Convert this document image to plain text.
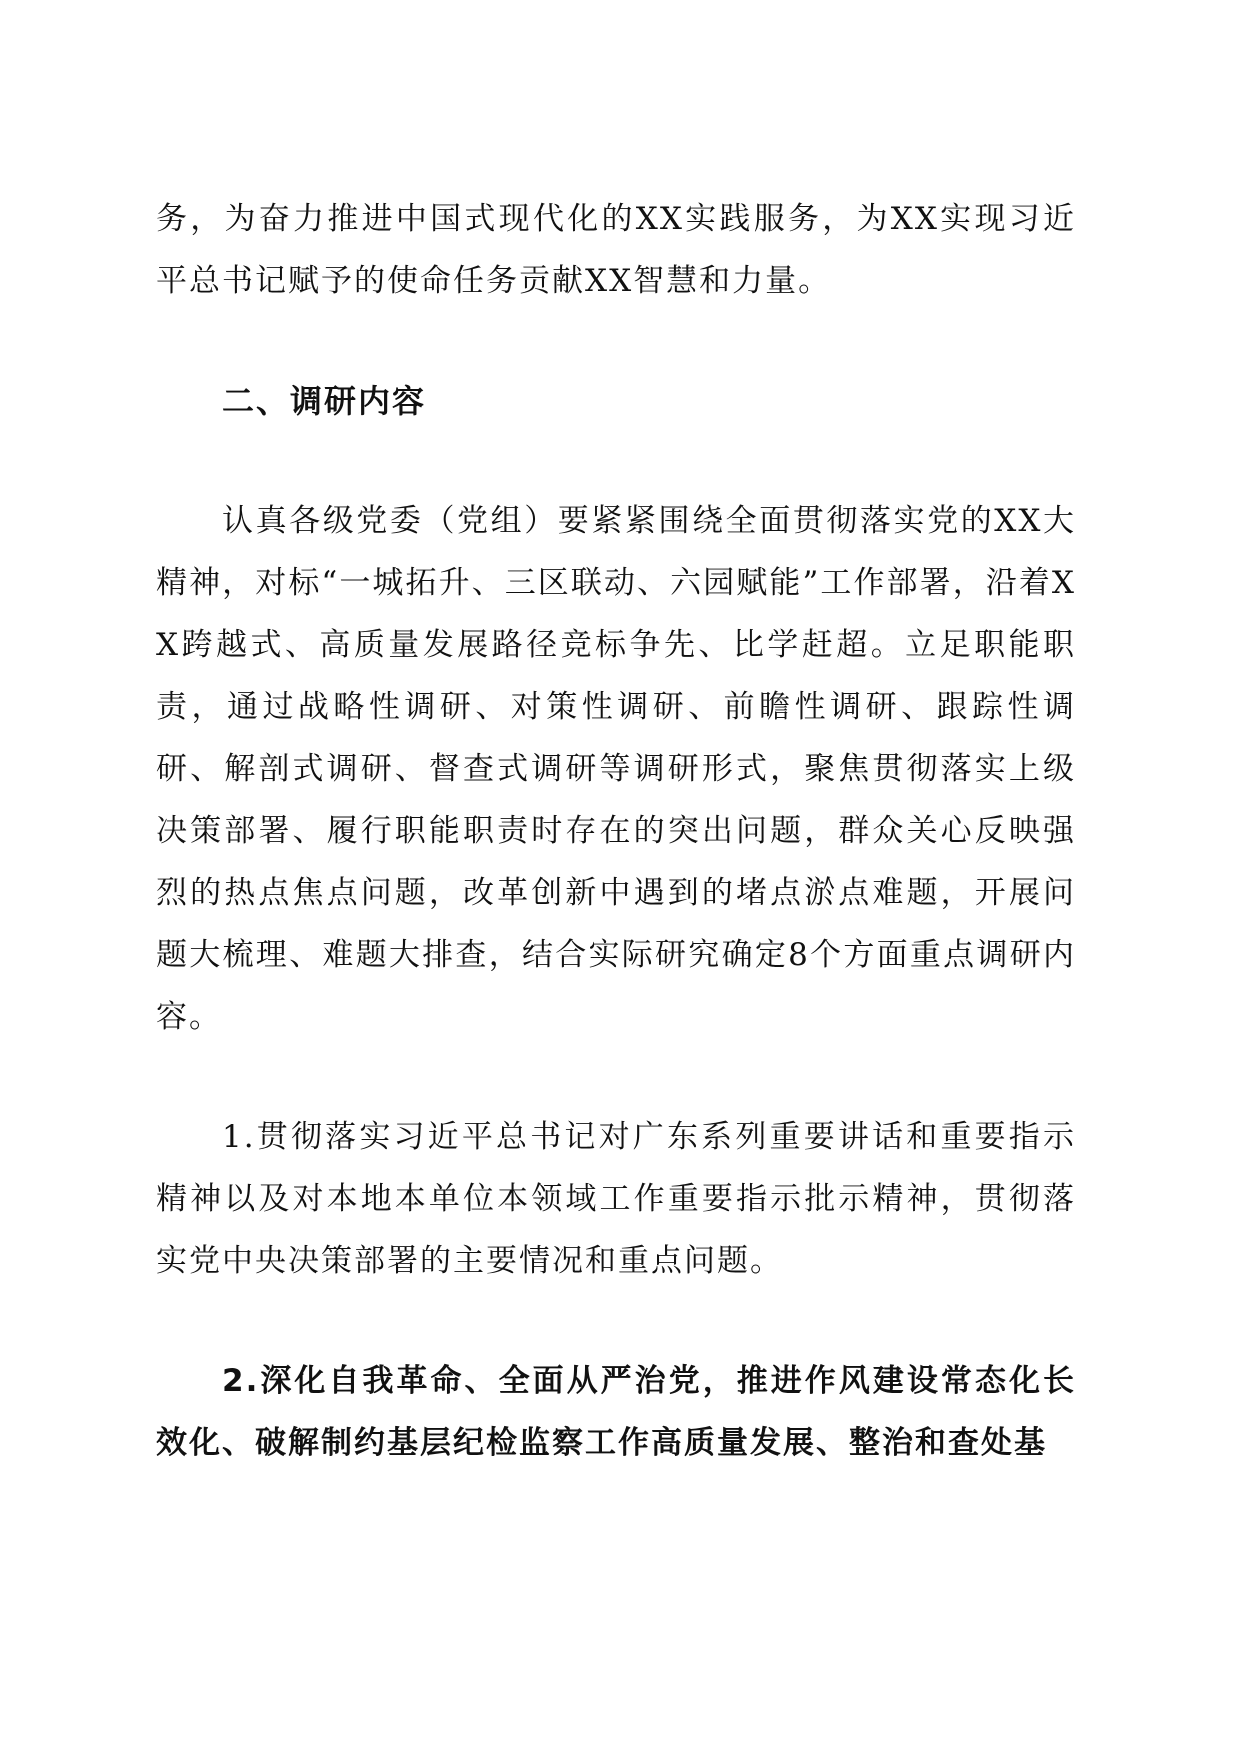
务，为奋力推进中国式现代化的XX实践服务，为XX实现习近平总书记赋予的使命任务贡献XX智慧和力量。

二、调研内容

认真各级党委（党组）要紧紧围绕全面贯彻落实党的XX大精神，对标“一城拓升、三区联动、六园赋能”工作部署，沿着XX跨越式、高质量发展路径竞标争先、比学赶超。立足职能职责，通过战略性调研、对策性调研、前瞻性调研、跟踪性调研、解剖式调研、督查式调研等调研形式，聚焦贯彻落实上级决策部署、履行职能职责时存在的突出问题，群众关心反映强烈的热点焦点问题，改革创新中遇到的堵点淤点难题，开展问题大梳理、难题大排查，结合实际研究确定8个方面重点调研内容。

1.贯彻落实习近平总书记对广东系列重要讲话和重要指示精神以及对本地本单位本领域工作重要指示批示精神，贯彻落实党中央决策部署的主要情况和重点问题。

2.深化自我革命、全面从严治党，推进作风建设常态化长效化、破解制约基层纪检监察工作高质量发展、整治和查处基
